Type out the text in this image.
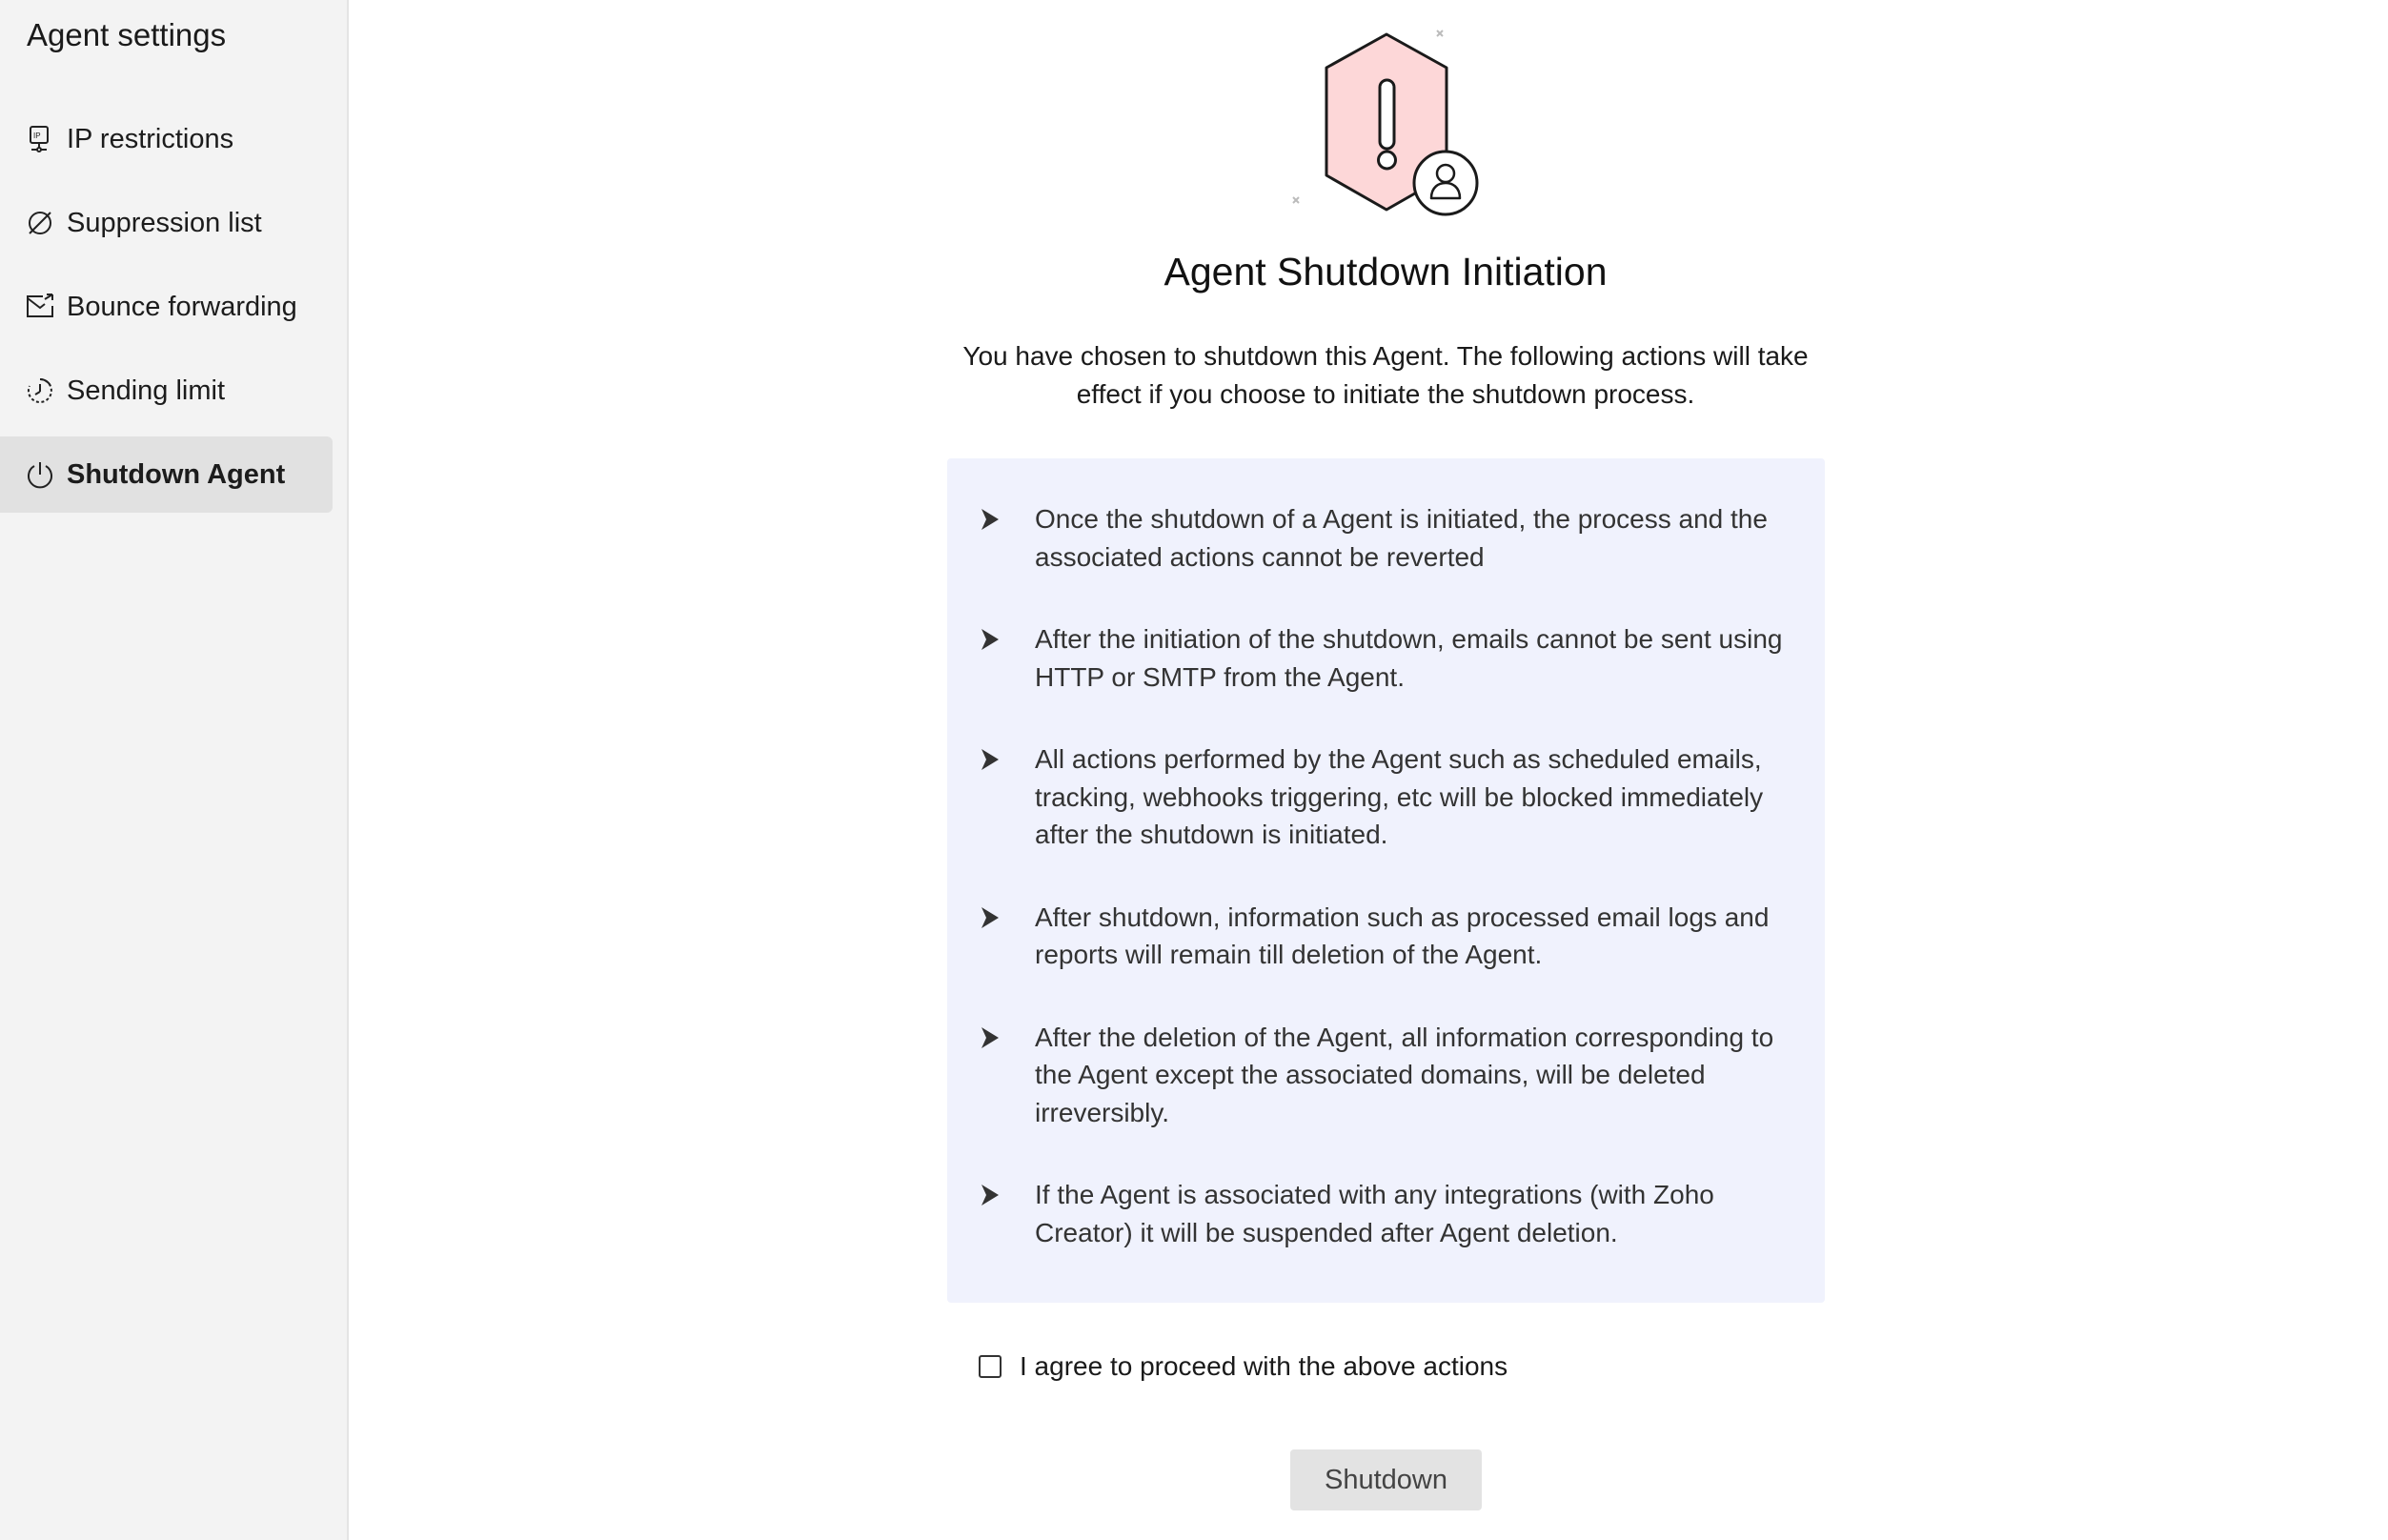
Agent settings
IP IP restrictions
Suppression list
Bounce forwarding
Sending limit
Shutdown Agent
Agent Shutdown Initiation
You have chosen to shutdown this Agent. The following actions will take effect if you choose to initiate the shutdown process.
Once the shutdown of a Agent is initiated, the process and the associated actions cannot be reverted
After the initiation of the shutdown, emails cannot be sent using HTTP or SMTP from the Agent.
All actions performed by the Agent such as scheduled emails, tracking, webhooks triggering, etc will be blocked immediately after the shutdown is initiated.
After shutdown, information such as processed email logs and reports will remain till deletion of the Agent.
After the deletion of the Agent, all information corresponding to the Agent except the associated domains, will be deleted irreversibly.
If the Agent is associated with any integrations (with Zoho Creator) it will be suspended after Agent deletion.
I agree to proceed with the above actions
Shutdown
